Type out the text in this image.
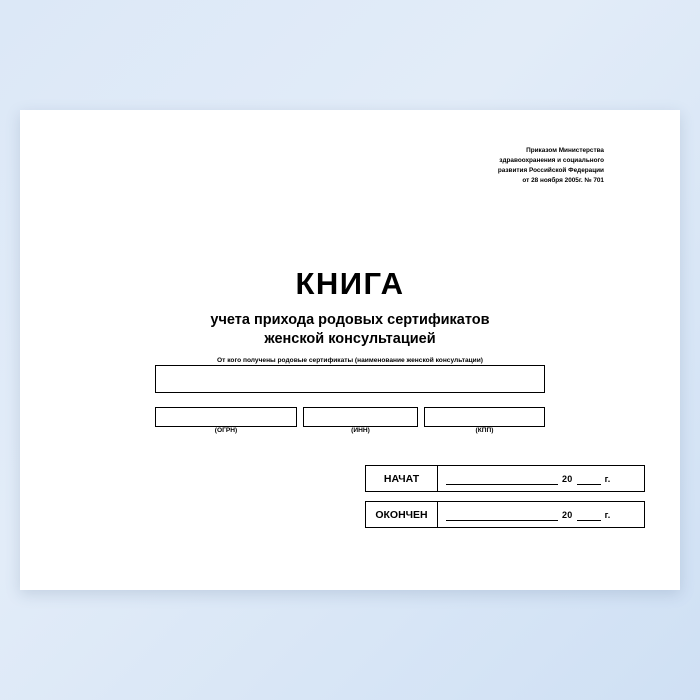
Приказом Министерства
здравоохранения и социального
развития Российской Федерации
от 28 ноября 2005г. № 701
КНИГА
учета прихода родовых сертификатов
женской консультацией
От кого получены родовые сертификаты (наименование женской консультации)
(ОГРН)	(ИНН)	(КПП)
НАЧАТ	20	г.
ОКОНЧЕН	20	г.
